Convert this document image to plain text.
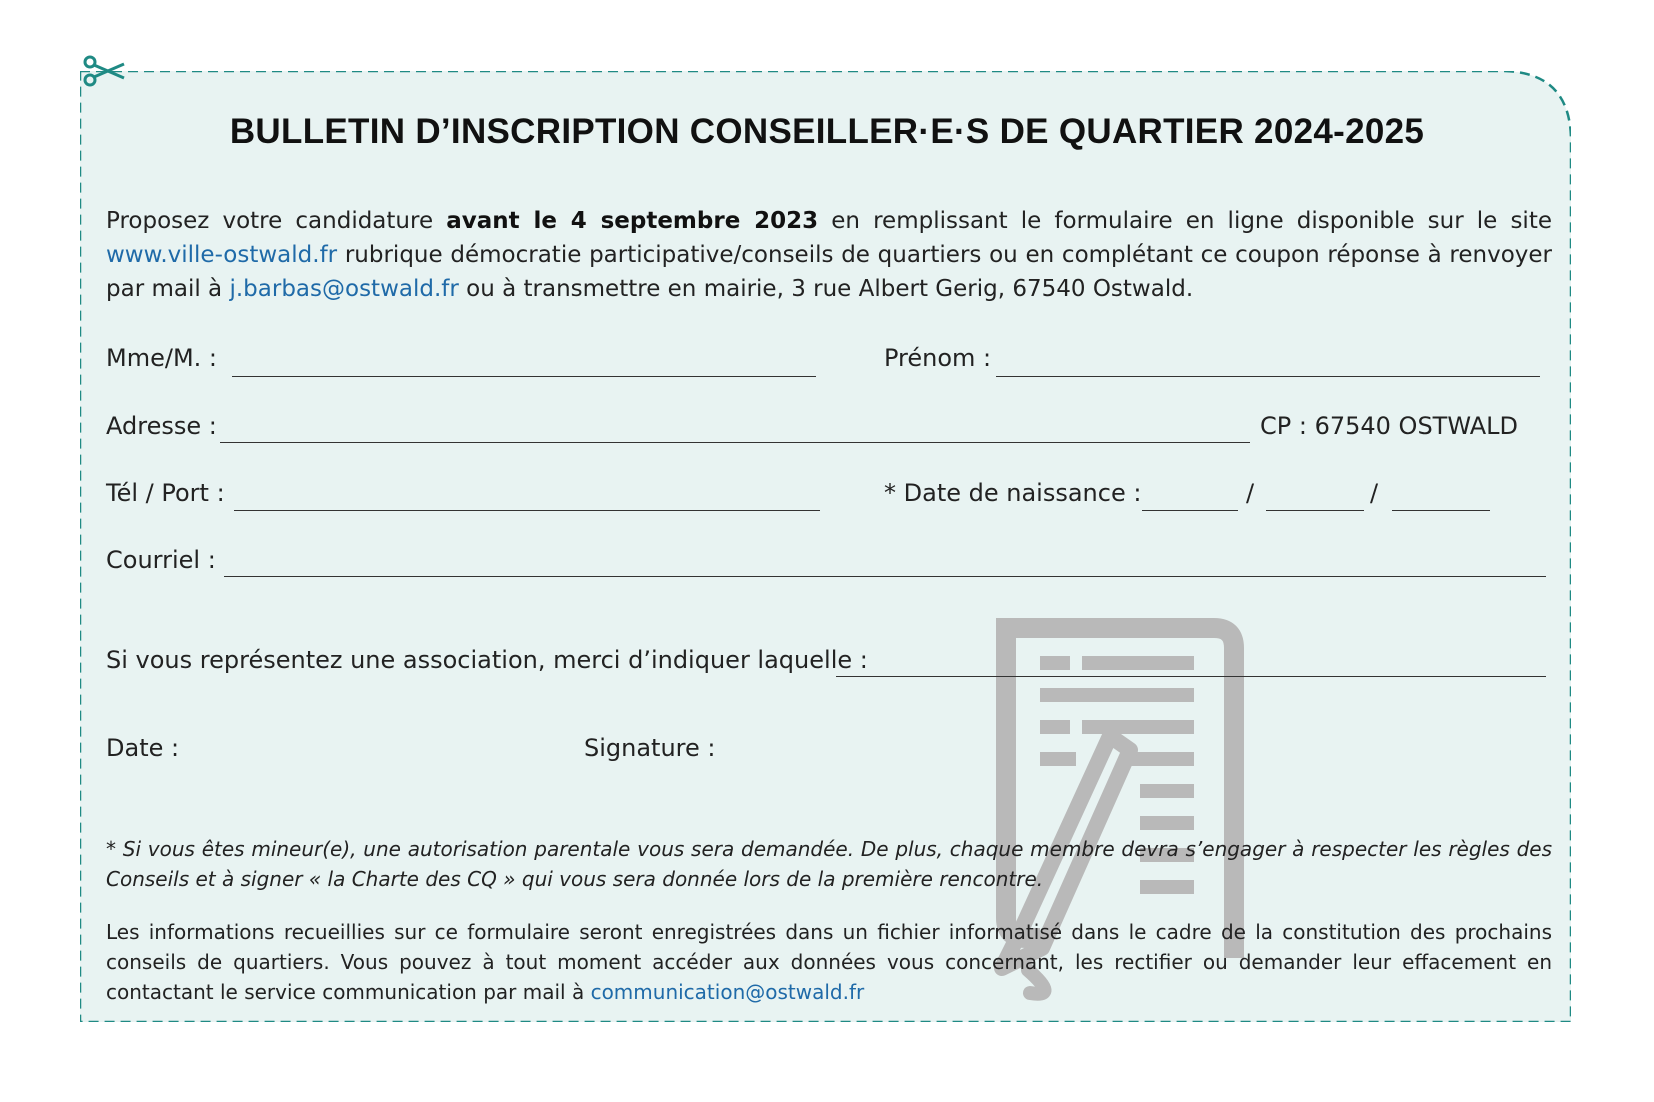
BULLETIN D’INSCRIPTION CONSEILLER·E·S DE QUARTIER 2024-2025
Proposez votre candidature avant le 4 septembre 2023 en remplissant le formulaire en ligne disponible sur le site www.ville-ostwald.fr rubrique démocratie participative/conseils de quartiers ou en complétant ce coupon réponse à renvoyer par mail à j.barbas@ostwald.fr ou à transmettre en mairie, 3 rue Albert Gerig, 67540 Ostwald.
Mme/M. :	Prénom :
Adresse :	CP : 67540 OSTWALD
Tél / Port :	* Date de naissance :	/	/
Courriel :
Si vous représentez une association, merci d’indiquer laquelle :
Date :	Signature :
* Si vous êtes mineur(e), une autorisation parentale vous sera demandée. De plus, chaque membre devra s’engager à respecter les règles des Conseils et à signer « la Charte des CQ » qui vous sera donnée lors de la première rencontre.
Les informations recueillies sur ce formulaire seront enregistrées dans un fichier informatisé dans le cadre de la constitution des prochains conseils de quartiers. Vous pouvez à tout moment accéder aux données vous concernant, les rectifier ou demander leur effacement en contactant le service communication par mail à communication@ostwald.fr
